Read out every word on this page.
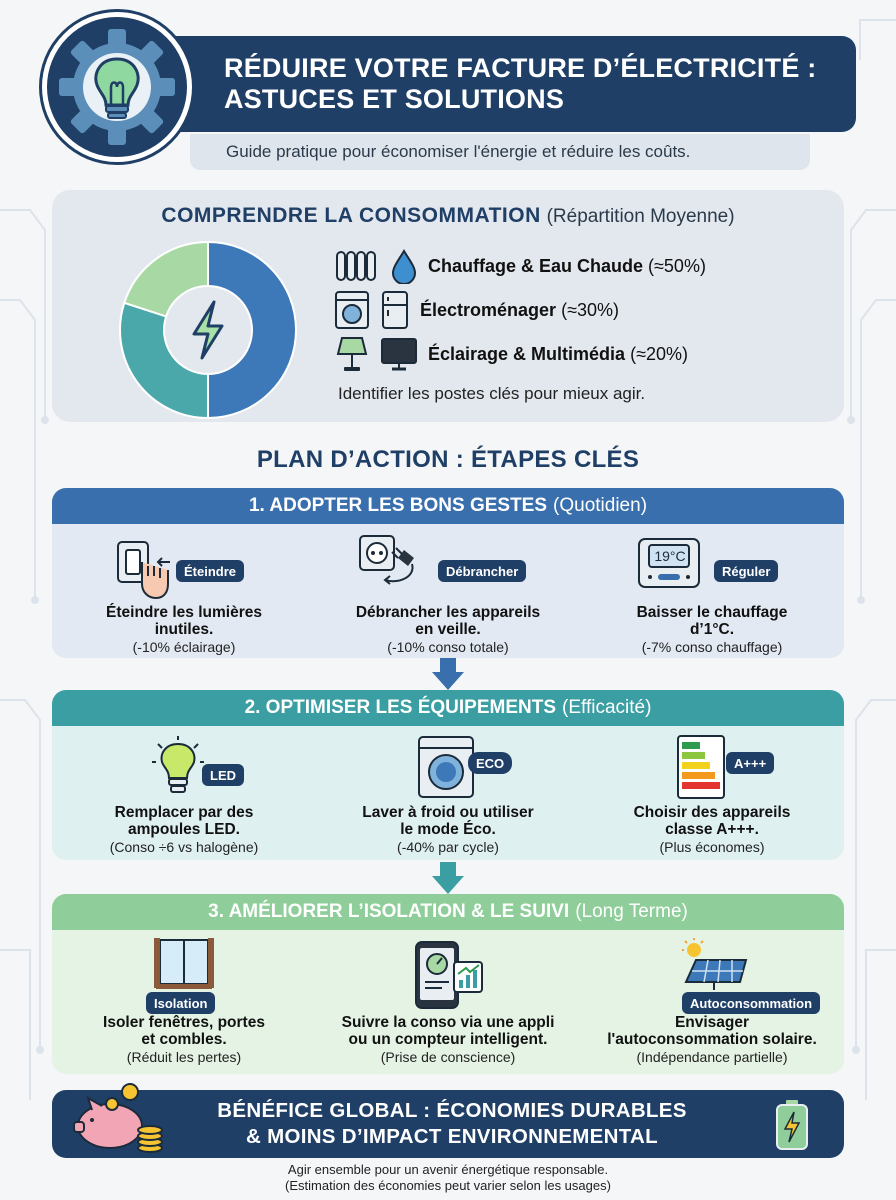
RÉDUIRE VOTRE FACTURE D’ÉLECTRICITÉ :
ASTUCES ET SOLUTIONS
Guide pratique pour économiser l'énergie et réduire les coûts.
COMPRENDRE LA CONSOMMATION (Répartition Moyenne)
Chauffage & Eau Chaude (≈50%)
Électroménager (≈30%)
Éclairage & Multimédia (≈20%)
Identifier les postes clés pour mieux agir.
PLAN D’ACTION : ÉTAPES CLÉS
1. ADOPTER LES BONS GESTES (Quotidien)
Éteindre
Éteindre les lumières
inutiles.
(-10% éclairage)
Débrancher
Débrancher les appareils
en veille.
(-10% conso totale)
19°C
Réguler
Baisser le chauffage
d’1°C.
(-7% conso chauffage)
2. OPTIMISER LES ÉQUIPEMENTS (Efficacité)
LED
Remplacer par des
ampoules LED.
(Conso ÷6 vs halogène)
ECO
Laver à froid ou utiliser
le mode Éco.
(-40% par cycle)
A+++
Choisir des appareils
classe A+++.
(Plus économes)
3. AMÉLIORER L’ISOLATION & LE SUIVI (Long Terme)
Isolation
Isoler fenêtres, portes
et combles.
(Réduit les pertes)
Suivre la conso via une appli
ou un compteur intelligent.
(Prise de conscience)
Autoconsommation
Envisager
l'autoconsommation solaire.
(Indépendance partielle)
BÉNÉFICE GLOBAL : ÉCONOMIES DURABLES
& MOINS D’IMPACT ENVIRONNEMENTAL
Agir ensemble pour un avenir énergétique responsable.
(Estimation des économies peut varier selon les usages)
